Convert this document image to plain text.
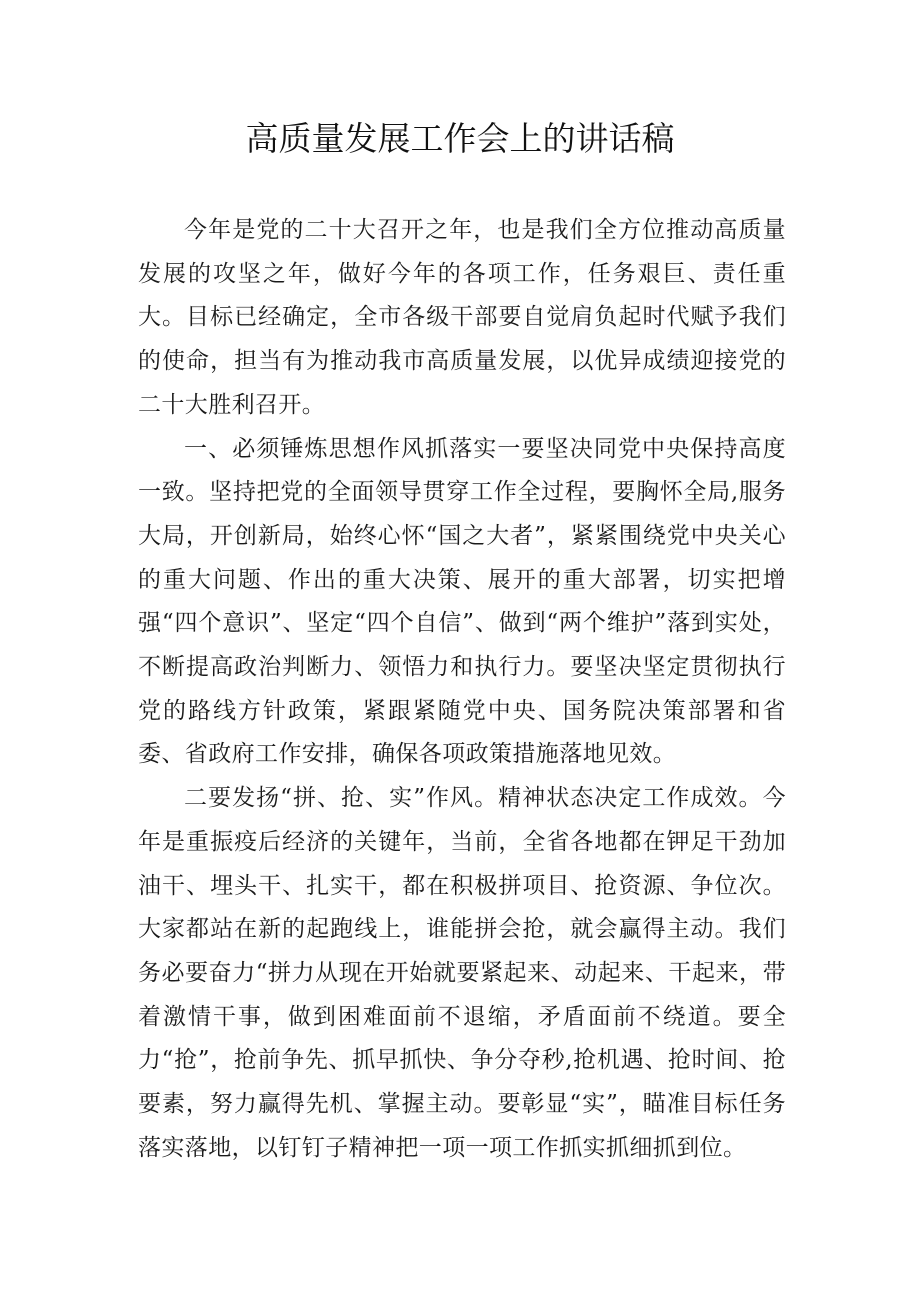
高质量发展工作会上的讲话稿

今年是党的二十大召开之年，也是我们全方位推动高质量发展的攻坚之年，做好今年的各项工作，任务艰巨、责任重大。目标已经确定，全市各级干部要自觉肩负起时代赋予我们的使命，担当有为推动我市高质量发展，以优异成绩迎接党的二十大胜利召开。

一、必须锤炼思想作风抓落实一要坚决同党中央保持高度一致。坚持把党的全面领导贯穿工作全过程，要胸怀全局,服务大局，开创新局，始终心怀“国之大者”，紧紧围绕党中央关心的重大问题、作出的重大决策、展开的重大部署，切实把增强“四个意识”、坚定“四个自信”、做到“两个维护”落到实处，不断提高政治判断力、领悟力和执行力。要坚决坚定贯彻执行党的路线方针政策，紧跟紧随党中央、国务院决策部署和省委、省政府工作安排，确保各项政策措施落地见效。

二要发扬“拼、抢、实”作风。精神状态决定工作成效。今年是重振疫后经济的关键年，当前，全省各地都在钾足干劲加油干、埋头干、扎实干，都在积极拼项目、抢资源、争位次。大家都站在新的起跑线上，谁能拼会抢，就会赢得主动。我们务必要奋力“拼力从现在开始就要紧起来、动起来、干起来，带着激情干事，做到困难面前不退缩，矛盾面前不绕道。要全力“抢”，抢前争先、抓早抓快、争分夺秒,抢机遇、抢时间、抢要素，努力赢得先机、掌握主动。要彰显“实”，瞄准目标任务落实落地，以钉钉子精神把一项一项工作抓实抓细抓到位。
